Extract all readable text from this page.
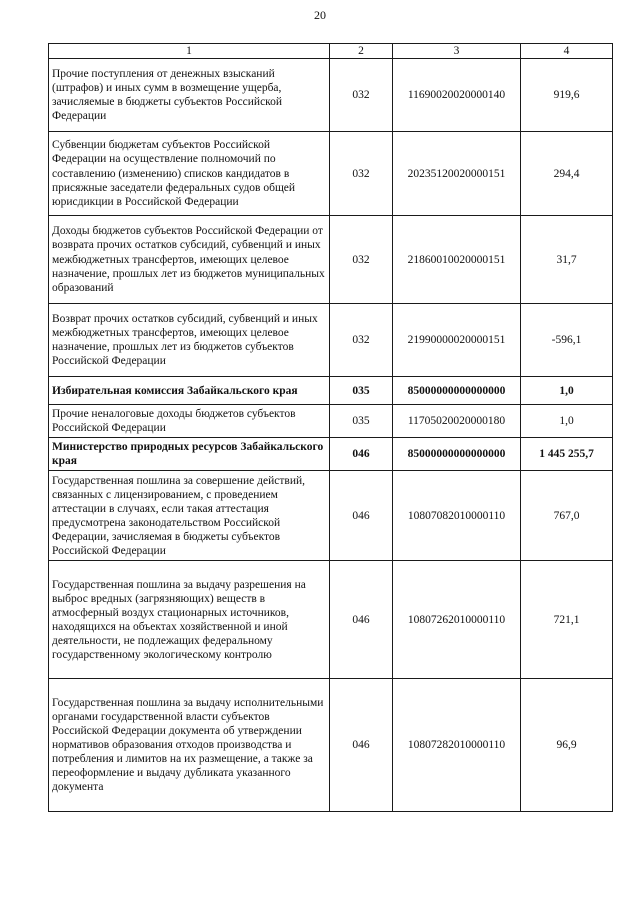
20
1	2	3	4
Прочие поступления от денежных взысканий (штрафов) и иных сумм в возмещение ущерба, зачисляемые в бюджеты субъектов Российской Федерации	032	11690020020000140	919,6
Субвенции бюджетам субъектов Российской Федерации на осуществление полномочий по составлению (изменению) списков кандидатов в присяжные заседатели федеральных судов общей юрисдикции в Российской Федерации	032	20235120020000151	294,4
Доходы бюджетов субъектов Российской Федерации от возврата прочих остатков субсидий, субвенций и иных межбюджетных трансфертов, имеющих целевое назначение, прошлых лет из бюджетов муниципальных образований	032	21860010020000151	31,7
Возврат прочих остатков субсидий, субвенций и иных межбюджетных трансфертов, имеющих целевое назначение, прошлых лет из бюджетов субъектов Российской Федерации	032	21990000020000151	-596,1
Избирательная комиссия Забайкальского края	035	85000000000000000	1,0
Прочие неналоговые доходы бюджетов субъектов Российской Федерации	035	11705020020000180	1,0
Министерство природных ресурсов Забайкальского края	046	85000000000000000	1 445 255,7
Государственная пошлина за совершение действий, связанных с лицензированием, с проведением аттестации в случаях, если такая аттестация предусмотрена законодательством Российской Федерации, зачисляемая в бюджеты субъектов Российской Федерации	046	10807082010000110	767,0
Государственная пошлина за выдачу разрешения на выброс вредных (загрязняющих) веществ в атмосферный воздух стационарных источников, находящихся на объектах хозяйственной и иной деятельности, не подлежащих федеральному государственному экологическому контролю	046	10807262010000110	721,1
Государственная пошлина за выдачу исполнительными органами государственной власти субъектов Российской Федерации документа об утверждении нормативов образования отходов производства и потребления и лимитов на их размещение, а также за переоформление и выдачу дубликата указанного документа	046	10807282010000110	96,9
